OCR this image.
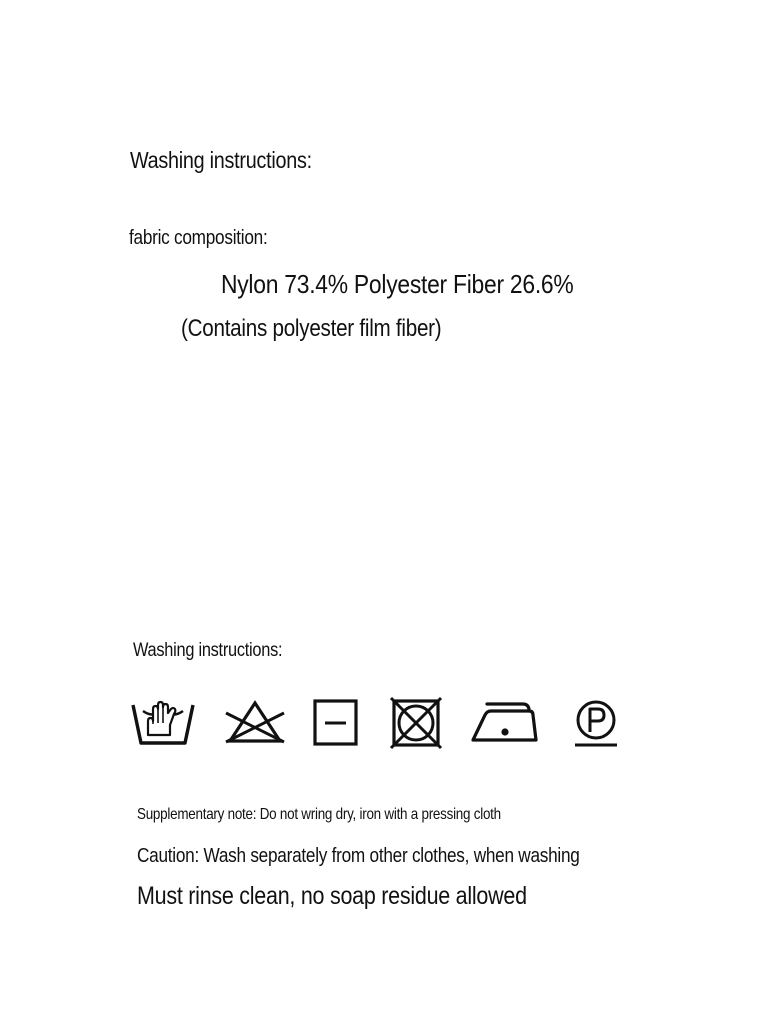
Washing instructions:
fabric composition:
Nylon 73.4% Polyester Fiber 26.6%
(Contains polyester film fiber)
Washing instructions:
Supplementary note: Do not wring dry, iron with a pressing cloth
Caution: Wash separately from other clothes, when washing
Must rinse clean, no soap residue allowed
